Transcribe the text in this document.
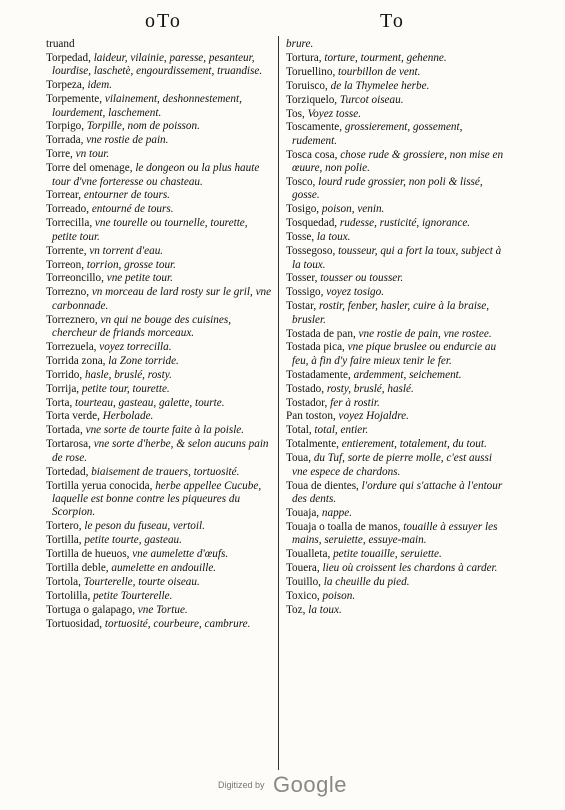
oTo	To
truand
Torpedad, laideur, vilainie, paresse, pesanteur, lourdise, laschetè, engourdissement, truandise.
Torpeza, idem.
Torpemente, vilainement, deshonnestement, lourdement, laschement.
Torpigo, Torpille, nom de poisson.
Torrada, vne rostie de pain.
Torre, vn tour.
Torre del omenage, le dongeon ou la plus haute tour d'vne forteresse ou chasteau.
Torrear, entourner de tours.
Torreado, entourné de tours.
Torrecilla, vne tourelle ou tournelle, tourette, petite tour.
Torrente, vn torrent d'eau.
Torreon, torrion, grosse tour.
Torreoncillo, vne petite tour.
Torrezno, vn morceau de lard rosty sur le gril, vne carbonnade.
Torreznero, vn qui ne bouge des cuisines, chercheur de friands morceaux.
Torrezuela, voyez torrecilla.
Torrida zona, la Zone torride.
Torrido, hasle, bruslé, rosty.
Torrija, petite tour, tourette.
Torta, tourteau, gasteau, galette, tourte.
Torta verde, Herbolade.
Tortada, vne sorte de tourte faite à la poisle.
Tortarosa, vne sorte d'herbe, & selon aucuns pain de rose.
Tortedad, biaisement de trauers, tortuosité.
Tortilla yerua conocida, herbe appellee Cucube, laquelle est bonne contre les piqueures du Scorpion.
Tortero, le peson du fuseau, vertoil.
Tortilla, petite tourte, gasteau.
Tortilla de hueuos, vne aumelette d'œufs.
Tortilla deble, aumelette en andouille.
Tortola, Tourterelle, tourte oiseau.
Tortolilla, petite Tourterelle.
Tortuga o galapago, vne Tortue.
Tortuosidad, tortuosité, courbeure, cambrure.
brure.
Tortura, torture, tourment, gehenne.
Toruellino, tourbillon de vent.
Toruisco, de la Thymelee herbe.
Torziquelo, Turcot oiseau.
Tos, Voyez tosse.
Toscamente, grossierement, gossement, rudement.
Tosca cosa, chose rude & grossiere, non mise en œuure, non polie.
Tosco, lourd rude grossier, non poli & lissé, gosse.
Tosigo, poison, venin.
Tosquedad, rudesse, rusticité, ignorance.
Tosse, la toux.
Tossegoso, tousseur, qui a fort la toux, subject à la toux.
Tosser, tousser ou tousser.
Tossigo, voyez tosigo.
Tostar, rostir, fenber, hasler, cuire à la braise, brusler.
Tostada de pan, vne rostie de pain, vne rostee.
Tostada pica, vne pique bruslee ou endurcie au feu, à fin d'y faire mieux tenir le fer.
Tostadamente, ardemment, seichement.
Tostado, rosty, bruslé, haslé.
Tostador, fer à rostir.
Pan toston, voyez Hojaldre.
Total, total, entier.
Totalmente, entierement, totalement, du tout.
Toua, du Tuf, sorte de pierre molle, c'est aussi vne espece de chardons.
Toua de dientes, l'ordure qui s'attache à l'entour des dents.
Touaja, nappe.
Touaja o toalla de manos, touaille à essuyer les mains, seruiette, essuye-main.
Toualleta, petite touaille, seruiette.
Touera, lieu où croissent les chardons à carder.
Touillo, la cheuille du pied.
Toxico, poison.
Toz, la toux.
Digitized by Google
